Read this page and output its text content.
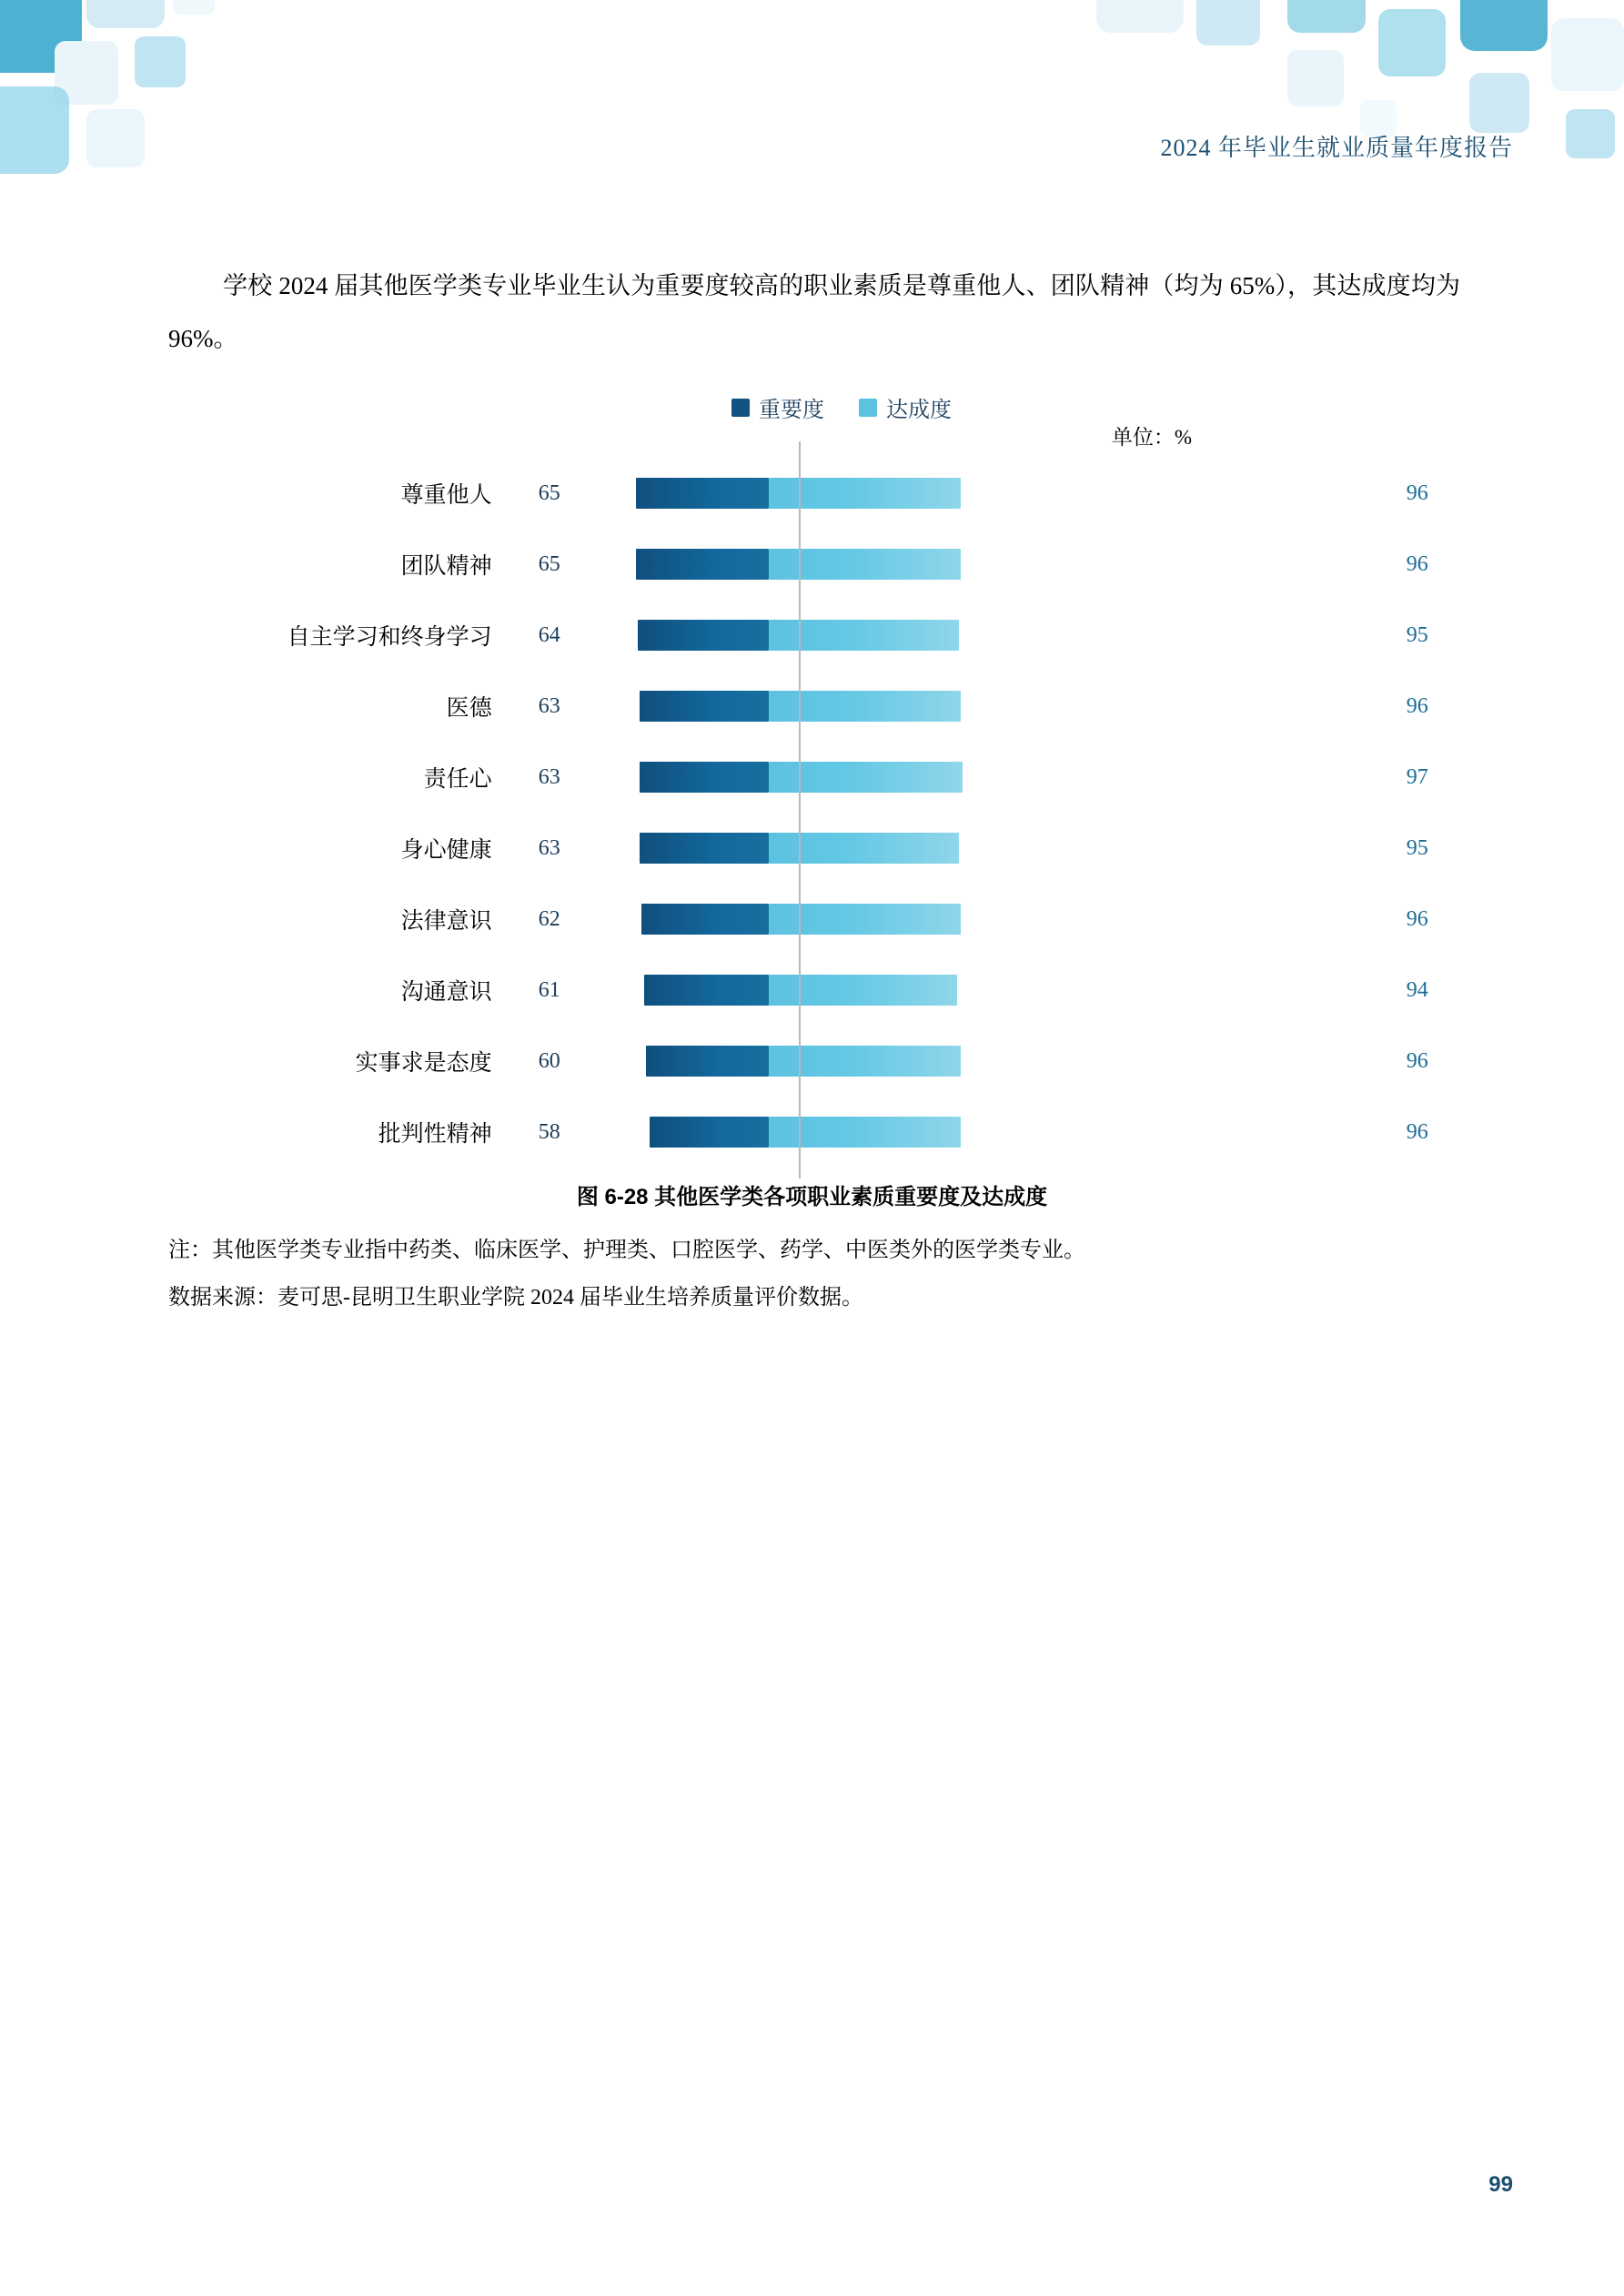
2024 年毕业生就业质量年度报告
学校 2024 届其他医学类专业毕业生认为重要度较高的职业素质是尊重他人、团队精神（均为 65%），其达成度均为 96%。
重要度	达成度
单位：%
尊重他人	65	96
团队精神	65	96
自主学习和终身学习	64	95
医德	63	96
责任心	63	97
身心健康	63	95
法律意识	62	96
沟通意识	61	94
实事求是态度	60	96
批判性精神	58	96
图 6-28 其他医学类各项职业素质重要度及达成度
注：其他医学类专业指中药类、临床医学、护理类、口腔医学、药学、中医类外的医学类专业。
数据来源：麦可思-昆明卫生职业学院 2024 届毕业生培养质量评价数据。
99
